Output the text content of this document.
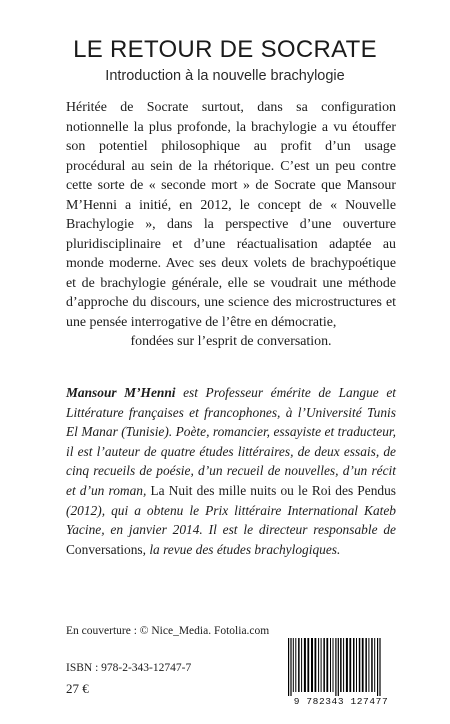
LE RETOUR DE SOCRATE

Introduction à la nouvelle brachylogie

Héritée de Socrate surtout, dans sa configuration notionnelle la plus profonde, la brachylogie a vu étouffer son potentiel philosophique au profit d’un usage procédural au sein de la rhétorique. C’est un peu contre cette sorte de « seconde mort » de Socrate que Mansour M’Henni a initié, en 2012, le concept de « Nouvelle Brachylogie », dans la perspective d’une ouverture pluridisciplinaire et d’une réactualisation adaptée au monde moderne. Avec ses deux volets de brachypoétique et de brachylogie générale, elle se voudrait une méthode d’approche du discours, une science des microstructures et une pensée interrogative de l’être en démocratie,
fondées sur l’esprit de conversation.

Mansour M’Henni est Professeur émérite de Langue et Littérature françaises et francophones, à l’Université Tunis El Manar (Tunisie). Poète, romancier, essayiste et traducteur, il est l’auteur de quatre études littéraires, de deux essais, de cinq recueils de poésie, d’un recueil de nouvelles, d’un récit et d’un roman, La Nuit des mille nuits ou le Roi des Pendus (2012), qui a obtenu le Prix littéraire International Kateb Yacine, en janvier 2014. Il est le directeur responsable de Conversations, la revue des études brachylogiques.

En couverture : © Nice_Media. Fotolia.com

ISBN : 978-2-343-12747-7

27 €

9 782343 127477
